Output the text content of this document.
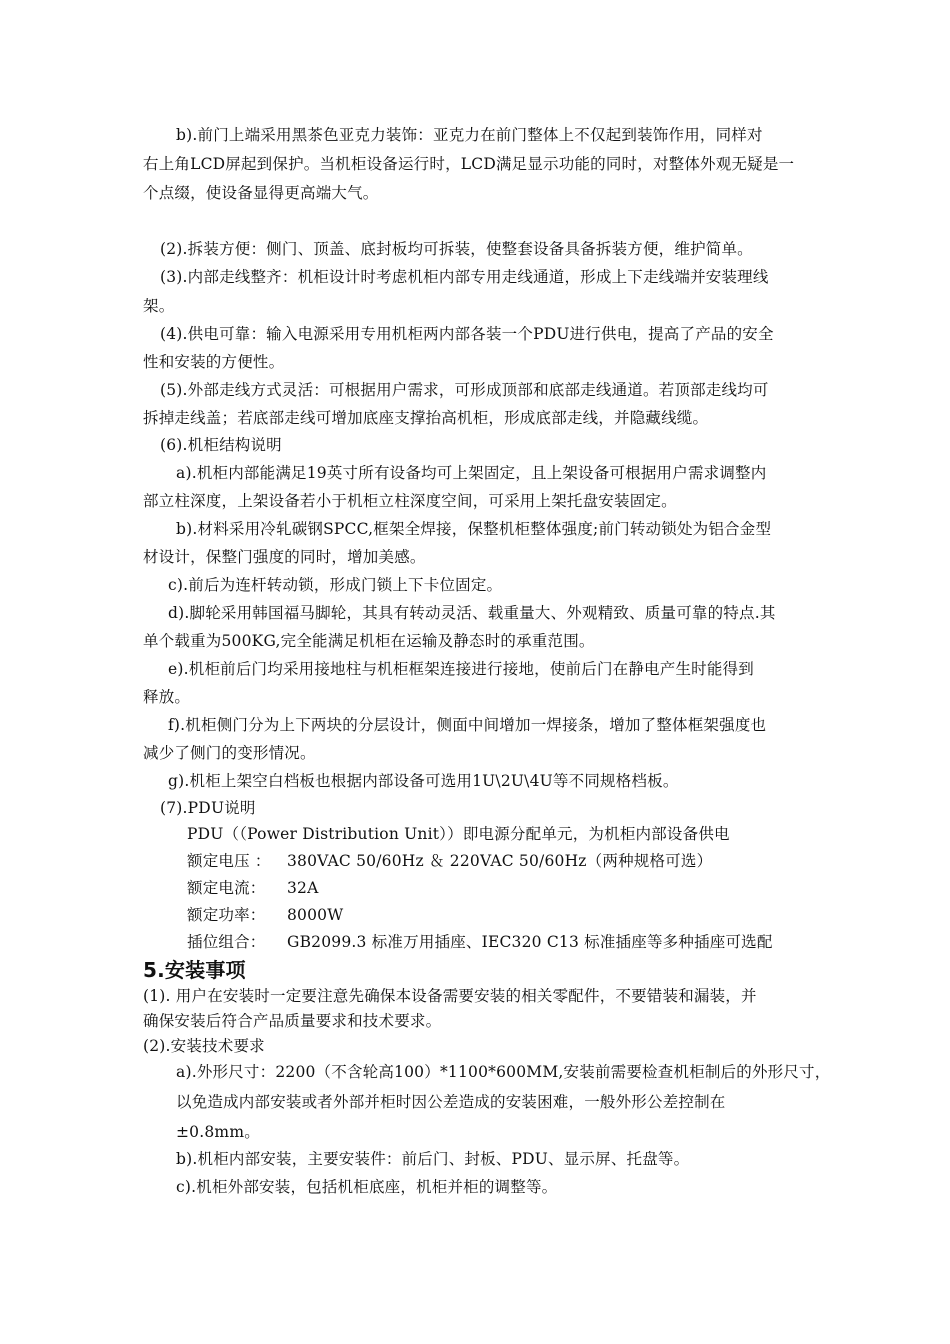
b).前门上端采用黑茶色亚克力装饰：亚克力在前门整体上不仅起到装饰作用，同样对
右上角LCD屏起到保护。当机柜设备运行时，LCD满足显示功能的同时，对整体外观无疑是一
个点缀，使设备显得更高端大气。
(2).拆装方便：侧门、顶盖、底封板均可拆装，使整套设备具备拆装方便，维护简单。
(3).内部走线整齐：机柜设计时考虑机柜内部专用走线通道，形成上下走线端并安装理线
架。
(4).供电可靠：输入电源采用专用机柜两内部各装一个PDU进行供电，提高了产品的安全
性和安装的方便性。
(5).外部走线方式灵活：可根据用户需求，可形成顶部和底部走线通道。若顶部走线均可
拆掉走线盖；若底部走线可增加底座支撑抬高机柜，形成底部走线，并隐藏线缆。
(6).机柜结构说明
a).机柜内部能满足19英寸所有设备均可上架固定，且上架设备可根据用户需求调整内
部立柱深度，上架设备若小于机柜立柱深度空间，可采用上架托盘安装固定。
b).材料采用冷轧碳钢SPCC,框架全焊接，保整机柜整体强度;前门转动锁处为铝合金型
材设计，保整门强度的同时，增加美感。
c).前后为连杆转动锁，形成门锁上下卡位固定。
d).脚轮采用韩国福马脚轮，其具有转动灵活、载重量大、外观精致、质量可靠的特点.其
单个载重为500KG,完全能满足机柜在运输及静态时的承重范围。
e).机柜前后门均采用接地柱与机柜框架连接进行接地，使前后门在静电产生时能得到
释放。
f).机柜侧门分为上下两块的分层设计，侧面中间增加一焊接条，增加了整体框架强度也
减少了侧门的变形情况。
g).机柜上架空白档板也根据内部设备可选用1U\2U\4U等不同规格档板。
(7).PDU说明
PDU（（Power Distribution Unit））即电源分配单元，为机柜内部设备供电
额定电压 ： 380VAC 50/60Hz ＆ 220VAC 50/60Hz（两种规格可选）
额定电流： 32A
额定功率： 8000W
插位组合： GB2099.3 标准万用插座、IEC320 C13 标准插座等多种插座可选配
5.安装事项
(1). 用户在安装时一定要注意先确保本设备需要安装的相关零配件，不要错装和漏装，并
确保安装后符合产品质量要求和技术要求。
(2).安装技术要求
a).外形尺寸：2200（不含轮高100）*1100*600MM,安装前需要检查机柜制后的外形尺寸，
以免造成内部安装或者外部并柜时因公差造成的安装困难，一般外形公差控制在
±0.8mm。
b).机柜内部安装，主要安装件：前后门、封板、PDU、显示屏、托盘等。
c).机柜外部安装，包括机柜底座，机柜并柜的调整等。
